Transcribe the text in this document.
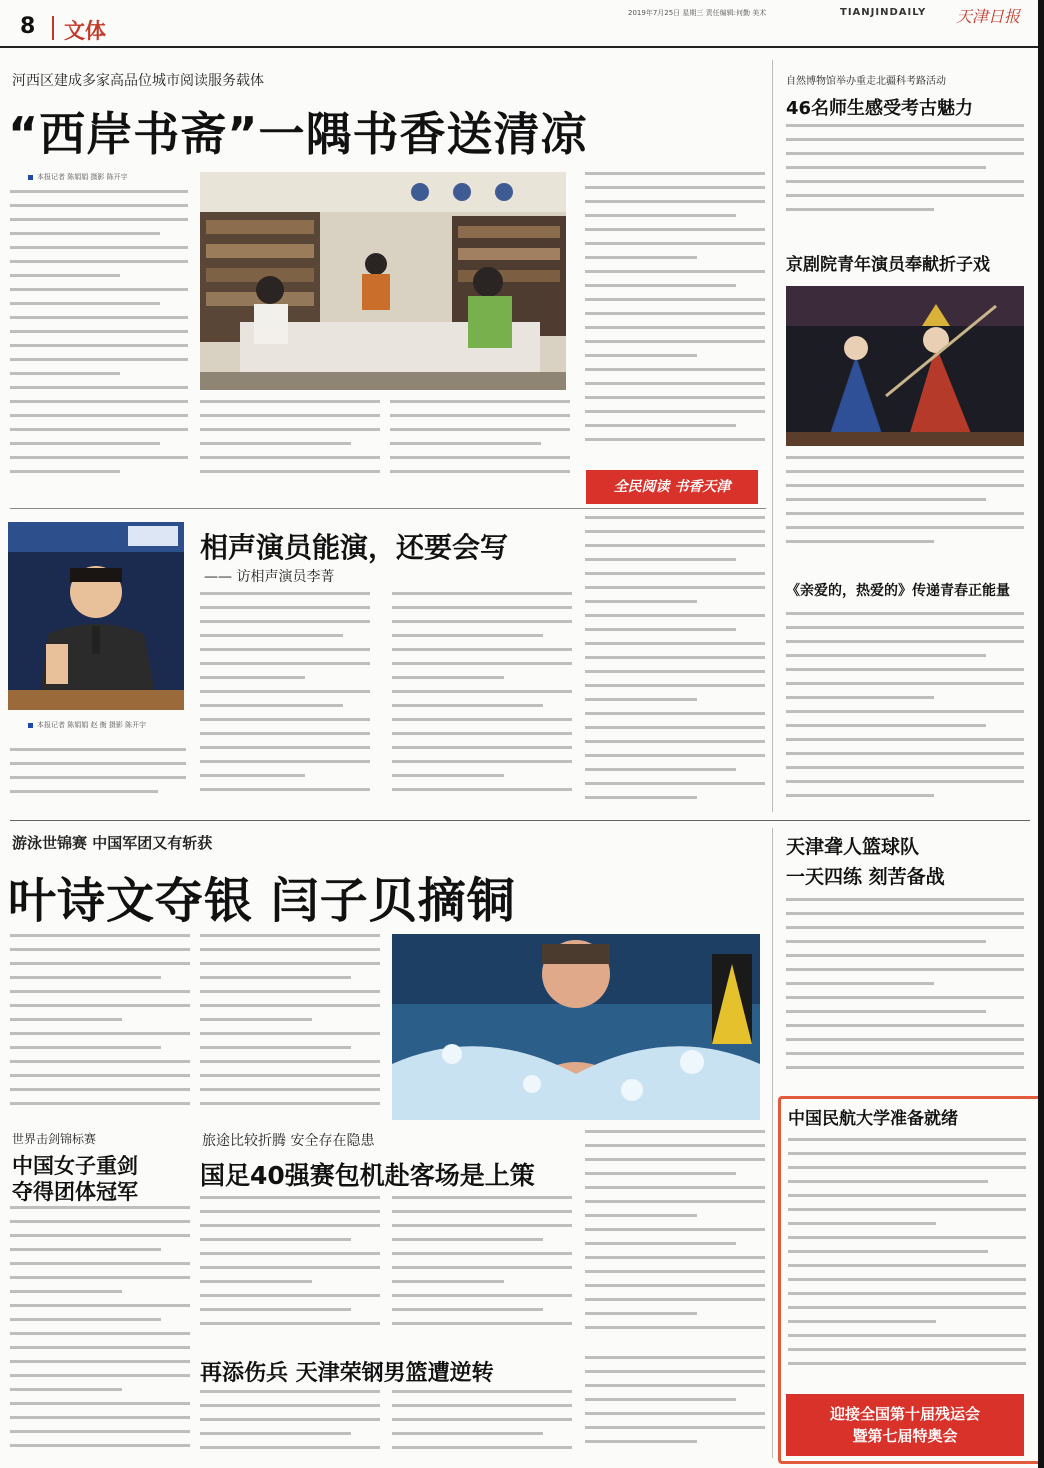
8 文体
2019年7月25日 星期三 责任编辑:何勤 美术	TIANJINDAILY 天津日报
河西区建成多家高品位城市阅读服务载体
“西岸书斋”一隅书香送清凉
本报记者 陈娟娟 摄影 陈开宇
全民阅读 书香天津
本报记者 陈娟娟 赵 衡 摄影 陈开宇
相声演员能演，还要会写
—— 访相声演员李菁
游泳世锦赛 中国军团又有斩获
叶诗文夺银 闫子贝摘铜
世界击剑锦标赛
中国女子重剑
夺得团体冠军
旅途比较折腾 安全存在隐患
国足40强赛包机赴客场是上策
再添伤兵 天津荣钢男篮遭逆转
自然博物馆举办重走北疆科考路活动
46名师生感受考古魅力
京剧院青年演员奉献折子戏
《亲爱的，热爱的》传递青春正能量
天津聋人篮球队
一天四练 刻苦备战
中国民航大学准备就绪
迎接全国第十届残运会
暨第七届特奥会
